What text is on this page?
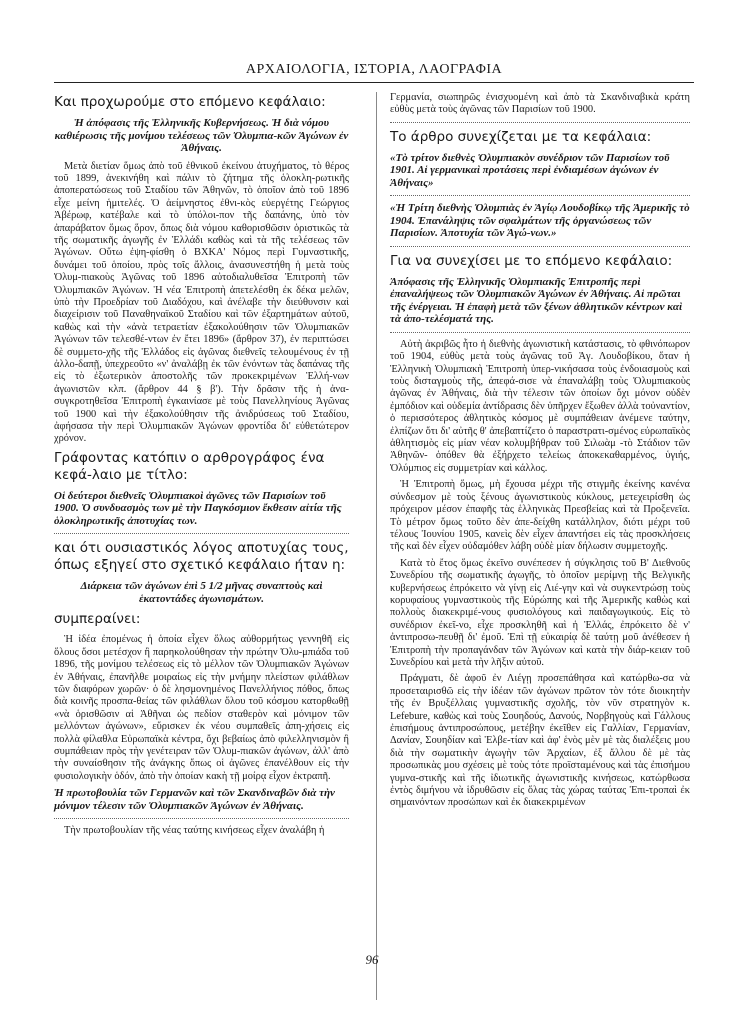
ΑΡΧΑΙΟΛΟΓΙΑ, ΙΣΤΟΡΙΑ, ΛΑΟΓΡΑΦΙΑ
Και προχωρούμε στο επόμενο κεφάλαιο:
Ἡ ἀπόφασις τῆς Ἑλληνικῆς Κυβερνήσεως. Ἡ διὰ νόμου καθιέρωσις τῆς μονίμου τελέσεως τῶν Ὀλυμπια-κῶν Ἀγώνων ἐν Ἀθήναις.
Μετὰ διετίαν ὅμως ἀπὸ τοῦ ἐθνικοῦ ἐκείνου ἀτυχήματος, τὸ θέρος τοῦ 1899, ἀνεκινήθη καὶ πάλιν τὸ ζήτημα τῆς ὁλοκλη-ρωτικῆς ἀποπερατώσεως τοῦ Σταδίου τῶν Ἀθηνῶν, τὸ ὁποῖον ἀπὸ τοῦ 1896 εἶχε μείνη ἡμιτελές. Ὁ ἀείμνηστος ἐθνι-κὸς εὐεργέτης Γεώργιος Ἀβέρωφ, κατέβαλε καὶ τὸ ὑπόλοι-πον τῆς δαπάνης, ὑπὸ τὸν ἀπαράβατον ὅμως ὅρον, ὅπως διὰ νόμου καθορισθῶσιν ὁριστικῶς τὰ τῆς σωματικῆς ἀγωγῆς ἐν Ἑλλάδι καθὼς καὶ τὰ τῆς τελέσεως τῶν Ἀγώνων. Οὕτω ἐψη-φίσθη ὁ ΒΧΚΑ' Νόμος περὶ Γυμναστικῆς, δυνάμει τοῦ ὁποίου, πρὸς τοῖς ἄλλοις, ἀνασυνεστήθη ἡ μετὰ τοὺς Ὀλυμ-πιακοὺς Ἀγῶνας τοῦ 1896 αὐτοδιαλυθεῖσα Ἐπιτροπὴ τῶν Ὀλυμπιακῶν Ἀγώνων. Ἡ νέα Ἐπιτροπὴ ἀπετελέσθη ἐκ δέκα μελῶν, ὑπὸ τὴν Προεδρίαν τοῦ Διαδόχου, καὶ ἀνέλαβε τὴν διεύθυνσιν καὶ διαχείρισιν τοῦ Παναθηναϊκοῦ Σταδίου καὶ τῶν ἐξαρτημάτων αὐτοῦ, καθὼς καὶ τὴν «ἀνὰ τετραετίαν ἐξακολούθησιν τῶν Ὀλυμπιακῶν Ἀγώνων τῶν τελεσθέ-ντων ἐν ἔτει 1896» (ἄρθρον 37), ἐν περιπτώσει δὲ συμμετο-χῆς τῆς Ἑλλάδος εἰς ἀγῶνας διεθνεῖς τελουμένους ἐν τῇ ἀλλο-δαπῇ, ὑπεχρεοῦτο «ν' ἀναλάβῃ ἐκ τῶν ἐνόντων τὰς δαπάνας τῆς εἰς τὸ ἐξωτερικὸν ἀποστολῆς τῶν προκεκριμένων Ἑλλή-νων ἀγωνιστῶν κλπ. (ἄρθρον 44 § β'). Τὴν δρᾶσιν τῆς ἡ ἀνα-συγκροτηθεῖσα Ἐπιτροπὴ ἐγκαινίασε μὲ τοὺς Πανελληνίους Ἀγῶνας τοῦ 1900 καὶ τὴν ἐξακολούθησιν τῆς ἀνιδρύσεως τοῦ Σταδίου, ἀφήσασα τὴν περὶ Ὀλυμπιακῶν Ἀγώνων φροντίδα δι' εὐθετώτερον χρόνον.
Γράφοντας κατόπιν ο αρθρογράφος ένα κεφά-λαιο με τίτλο:
Οἱ δεύτεροι διεθνεῖς Ὀλυμπιακοὶ ἀγῶνες τῶν Παρισίων τοῦ 1900. Ὁ συνδυασμὸς των μὲ τὴν Παγκόσμιον ἔκθεσιν αἰτία τῆς ὁλοκληρωτικῆς ἀποτυχίας των.
και ότι ουσιαστικός λόγος αποτυχίας τους, όπως εξηγεί στο σχετικό κεφάλαιο ήταν η:
Διάρκεια τῶν ἀγώνων ἐπὶ 5 1/2 μῆνας συναπτοὺς καὶ ἑκατοντάδες ἀγωνισμάτων.
συμπεραίνει:
Ἡ ἰδέα ἐπομένως ἡ ὁποία εἶχεν ὅλως αὐθορμήτως γεννηθῆ εἰς ὅλους ὅσοι μετέσχον ἢ παρηκολούθησαν τὴν πρώτην Ὀλυ-μπιάδα τοῦ 1896, τῆς μονίμου τελέσεως εἰς τὸ μέλλον τῶν Ὀλυμπιακῶν Ἀγώνων ἐν Ἀθήναις, ἐπανῆλθε μοιραίως εἰς τὴν μνήμην πλείστων φιλάθλων τῶν διαφόρων χωρῶν· ὁ δὲ λησμονημένος Πανελλήνιος πόθος, ὅπως διὰ κοινῆς προσπα-θείας τῶν φιλάθλων ὅλου τοῦ κόσμου κατορθωθῇ «νὰ ὁρισθῶσιν αἱ Ἀθῆναι ὡς πεδίον σταθερὸν καὶ μόνιμον τῶν μελλόντων ἀγώνων», εὕρισκεν ἐκ νέου συμπαθεῖς ἀπη-χήσεις εἰς πολλὰ φίλαθλα Εὐρωπαϊκὰ κέντρα, ὄχι βεβαίως ἀπὸ φιλελληνισμὸν ἢ συμπάθειαν πρὸς τὴν γενέτειραν τῶν Ὀλυμ-πιακῶν ἀγώνων, ἀλλ' ἀπὸ τὴν συναίσθησιν τῆς ἀνάγκης ὅπως οἱ ἀγῶνες ἐπανέλθουν εἰς τὴν φυσιολογικὴν ὁδόν, ἀπὸ τὴν ὁποίαν κακὴ τῇ μοίρᾳ εἶχον ἐκτραπῆ.
Ἡ πρωτοβουλία τῶν Γερμανῶν καὶ τῶν Σκανδιναβῶν διὰ τὴν μόνιμον τέλεσιν τῶν Ὀλυμπιακῶν Ἀγώνων ἐν Ἀθήναις.
Τὴν πρωτοβουλίαν τῆς νέας ταύτης κινήσεως εἶχεν ἀναλάβη ἡ
Γερμανία, σιωπηρῶς ἐνισχυομένη καὶ ἀπὸ τὰ Σκανδιναβικὰ κράτη εὐθὺς μετὰ τοὺς ἀγῶνας τῶν Παρισίων τοῦ 1900.
Το άρθρο συνεχίζεται με τα κεφάλαια:
«Τὸ τρίτον διεθνὲς Ὀλυμπιακὸν συνέδριον τῶν Παρισίων τοῦ 1901. Αἱ γερμανικαὶ προτάσεις περὶ ἐνδιαμέσων ἀγώνων ἐν Ἀθήναις»
«Ἡ Τρίτη διεθνὴς Ὀλυμπιὰς ἐν Ἁγίῳ Λουδοβίκῳ τῆς Ἀμερικῆς τὸ 1904. Ἐπανάληψις τῶν σφαλμάτων τῆς ὀργανώσεως τῶν Παρισίων. Ἀποτυχία τῶν Ἀγώ-νων.»
Για να συνεχίσει με το επόμενο κεφάλαιο:
Ἀπόφασις τῆς Ἑλληνικῆς Ὀλυμπιακῆς Ἐπιτροπῆς περὶ ἐπαναλήψεως τῶν Ὀλυμπιακῶν Ἀγώνων ἐν Ἀθήναις. Αἱ πρῶται τῆς ἐνέργειαι. Ἡ ἐπαφὴ μετὰ τῶν ξένων ἀθλητικῶν κέντρων καὶ τὰ ἀπο-τελέσματά της.
Αὐτὴ ἀκριβῶς ἦτο ἡ διεθνὴς ἀγωνιστικὴ κατάστασις, τὸ φθινόπωρον τοῦ 1904, εὐθὺς μετὰ τοὺς ἀγῶνας τοῦ Ἁγ. Λουδοβίκου, ὅταν ἡ Ἑλληνικὴ Ὀλυμπιακὴ Ἐπιτροπὴ ὑπερ-νικήσασα τοὺς ἐνδοιασμοὺς καὶ τοὺς δισταγμοὺς τῆς, ἀπεφά-σισε νὰ ἐπαναλάβῃ τοὺς Ὀλυμπιακοὺς ἀγῶνας ἐν Ἀθήναις, διὰ τὴν τέλεσιν τῶν ὁποίων ὄχι μόνον οὐδὲν ἐμπόδιον καὶ οὐδεμία ἀντίδρασις δὲν ὑπῆρχεν ἔξωθεν ἀλλὰ τοὐναντίον, ὁ περισσότερος ἀθλητικὸς κόσμος μὲ συμπάθειαν ἀνέμενε ταύτην, ἐλπίζων ὅτι δι' αὐτῆς θ' ἀπεβαπτίζετο ὁ παραστρατι-σμένος εὐρωπαϊκὸς ἀθλητισμὸς εἰς μίαν νέαν κολυμβήθραν τοῦ Σιλωὰμ -τὸ Στάδιον τῶν Ἀθηνῶν- ὁπόθεν θὰ ἐξήρχετο τελείως ἀποκεκαθαρμένος, ὑγιής, Ὀλύμπιος εἰς συμμετρίαν καὶ κάλλος.
Ἡ Ἐπιτροπὴ ὅμως, μὴ ἔχουσα μέχρι τῆς στιγμῆς ἐκείνης κανένα σύνδεσμον μὲ τοὺς ξένους ἀγωνιστικοὺς κύκλους, μετεχειρίσθη ὡς πρόχειρον μέσον ἐπαφῆς τὰς ἑλληνικὰς Πρεσβείας καὶ τὰ Προξενεῖα. Τὸ μέτρον ὅμως τοῦτο δὲν ἀπε-δείχθη κατάλληλον, διότι μέχρι τοῦ τέλους Ἰουνίου 1905, κανεὶς δὲν εἶχεν ἀπαντήσει εἰς τὰς προσκλήσεις τῆς καὶ δὲν εἶχεν οὐδαμόθεν λάβη οὐδὲ μίαν δήλωσιν συμμετοχῆς.
Κατὰ τὸ ἔτος ὅμως ἐκεῖνο συνέπεσεν ἡ σύγκλησις τοῦ Β' Διεθνοῦς Συνεδρίου τῆς σωματικῆς ἀγωγῆς, τὸ ὁποῖον μερίμνῃ τῆς Βελγικῆς κυβερνήσεως ἐπρόκειτο νὰ γίνῃ εἰς Λιέ-γην καὶ νὰ συγκεντρώσῃ τοὺς κορυφαίους γυμναστικοὺς τῆς Εὐρώπης καὶ τῆς Ἀμερικῆς καθὼς καὶ πολλοὺς διακεκριμέ-νους φυσιολόγους καὶ παιδαγωγικούς. Εἰς τὸ συνέδριον ἐκεῖ-νο, εἶχε προσκληθῆ καὶ ἡ Ἑλλάς, ἐπρόκειτο δὲ ν' ἀντιπροσω-πευθῇ δι' ἐμοῦ. Ἐπὶ τῇ εὐκαιρίᾳ δὲ ταύτῃ μοῦ ἀνέθεσεν ἡ Ἐπιτροπὴ τὴν προπαγάνδαν τῶν Ἀγώνων καὶ κατὰ τὴν διάρ-κειαν τοῦ Συνεδρίου καὶ μετὰ τὴν λῆξιν αὐτοῦ.
Πράγματι, δὲ ἀφοῦ ἐν Λιέγῃ προσεπάθησα καὶ κατώρθω-σα νὰ προσεταιρισθῶ εἰς τὴν ἰδέαν τῶν ἀγώνων πρῶτον τὸν τότε διοικητὴν τῆς ἐν Βρυξέλλαις γυμναστικῆς σχολῆς, τὸν νῦν στρατηγὸν κ. Lefebure, καθὼς καὶ τοὺς Σουηδούς, Δανούς, Νορβηγοὺς καὶ Γάλλους ἐπισήμους ἀντιπροσώπους, μετέβην ἐκεῖθεν εἰς Γαλλίαν, Γερμανίαν, Δανίαν, Σουηδίαν καὶ Ἑλβε-τίαν καὶ ἀφ' ἑνὸς μὲν μὲ τὰς διαλέξεις μου διὰ τὴν σωματικὴν ἀγωγὴν τῶν Ἀρχαίων, ἐξ ἄλλου δὲ μὲ τὰς προσωπικὰς μου σχέσεις μὲ τοὺς τότε προϊσταμένους καὶ τὰς ἐπισήμου γυμνα-στικῆς καὶ τῆς ἰδιωτικῆς ἀγωνιστικῆς κινήσεως, κατώρθωσα ἐντὸς διμήνου νὰ ἱδρυθῶσιν εἰς ὅλας τὰς χώρας ταύτας Ἐπι-τροπαὶ ἐκ σημαινόντων προσώπων καὶ ἐκ διακεκριμένων
96
